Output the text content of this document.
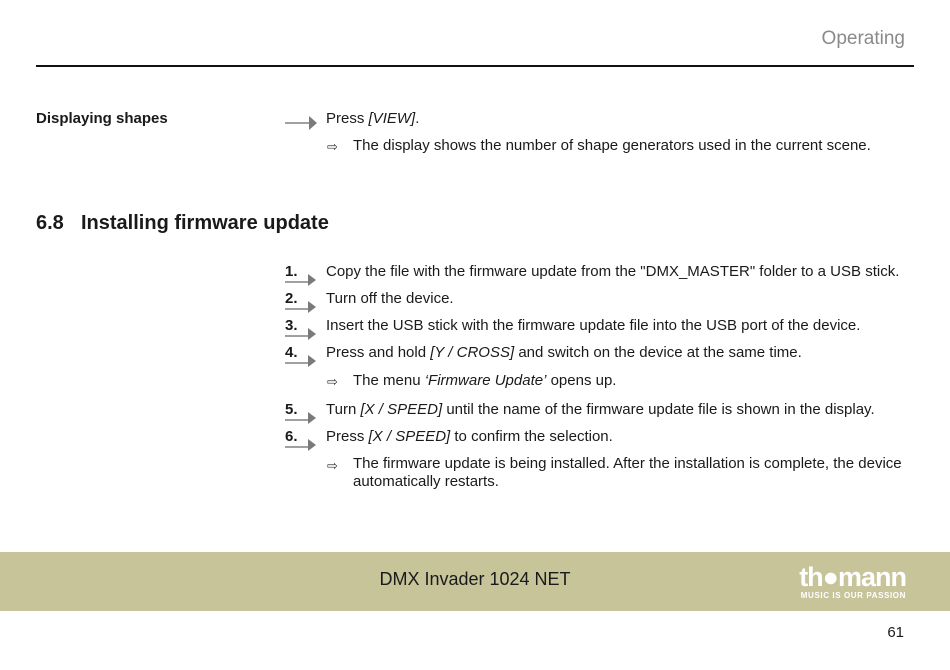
Operating
Displaying shapes	Press [VIEW].
⇨ The display shows the number of shape generators used in the current scene.
6.8 Installing firmware update
1. Copy the file with the firmware update from the "DMX_MASTER" folder to a USB stick.
2. Turn off the device.
3. Insert the USB stick with the firmware update file into the USB port of the device.
4. Press and hold [Y / CROSS] and switch on the device at the same time.
⇨ The menu ‘Firmware Update’ opens up.
5. Turn [X / SPEED] until the name of the firmware update file is shown in the display.
6. Press [X / SPEED] to confirm the selection.
⇨ The firmware update is being installed. After the installation is complete, the device
automatically restarts.
DMX Invader 1024 NET	th●mann
MUSIC IS OUR PASSION
61
